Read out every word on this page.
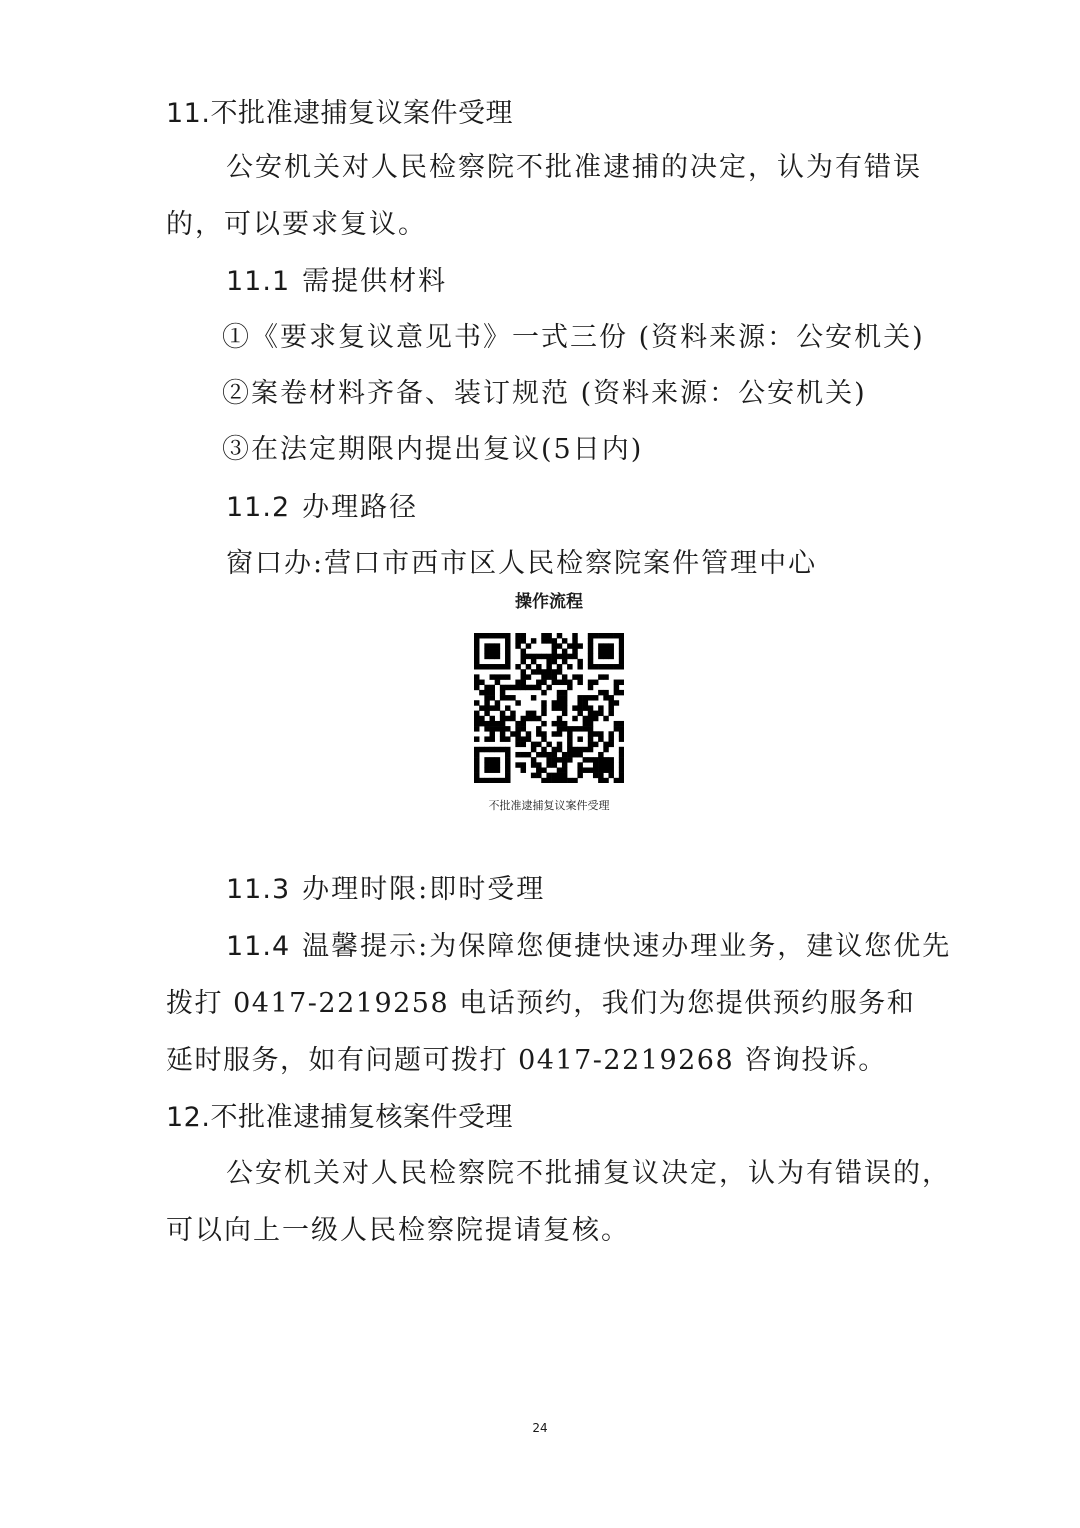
11.不批准逮捕复议案件受理
公安机关对人民检察院不批准逮捕的决定，认为有错误
的，可以要求复议。
11.1 需提供材料
①《要求复议意见书》一式三份 (资料来源：公安机关)
②案卷材料齐备、装订规范 (资料来源：公安机关)
③在法定期限内提出复议(5日内)
11.2 办理路径
窗口办:营口市西市区人民检察院案件管理中心
操作流程
不批准逮捕复议案件受理
11.3 办理时限:即时受理
11.4 温馨提示:为保障您便捷快速办理业务，建议您优先
拨打 0417-2219258 电话预约，我们为您提供预约服务和
延时服务，如有问题可拨打 0417-2219268 咨询投诉。
12.不批准逮捕复核案件受理
公安机关对人民检察院不批捕复议决定，认为有错误的，
可以向上一级人民检察院提请复核。
24
